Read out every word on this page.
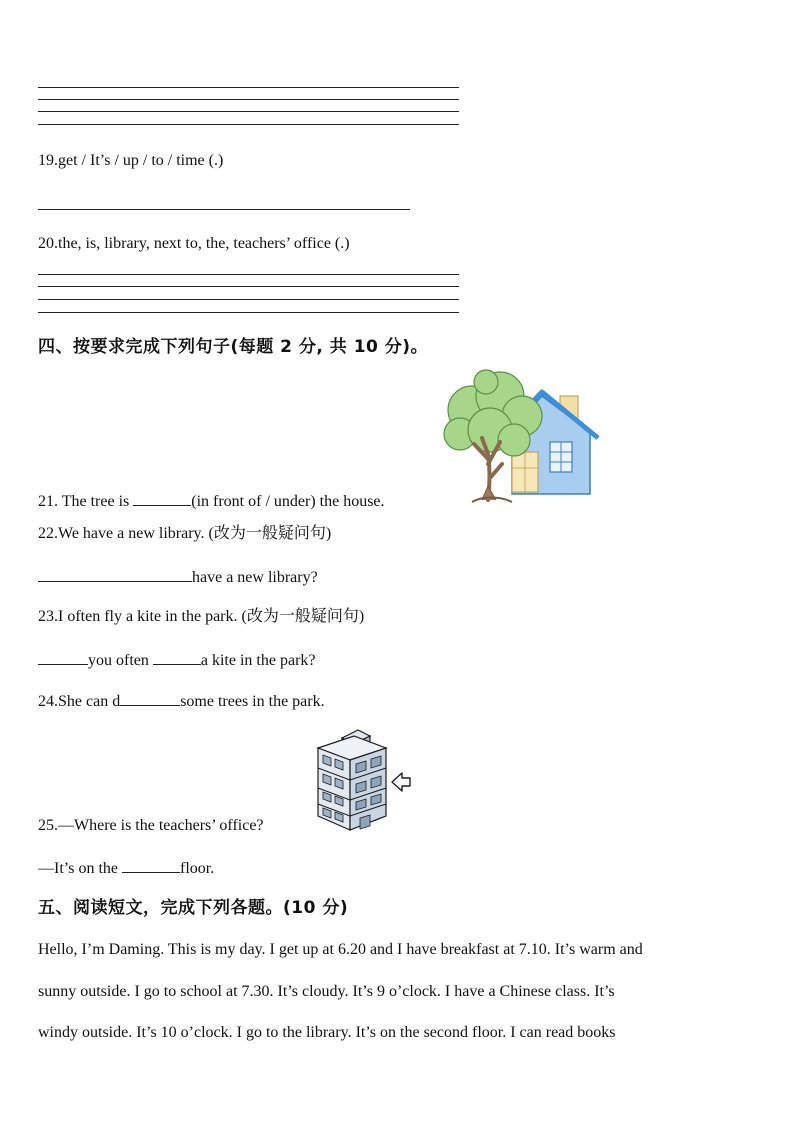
19.get / It’s / up / to / time (.)
20.the, is, library, next to, the, teachers’ office (.)
四、按要求完成下列句子(每题 2 分, 共 10 分)。
21. The tree is	(in front of / under) the house.
22.We have a new library. (改为一般疑问句)
have a new library?
23.I often fly a kite in the park. (改为一般疑问句)
you often	a kite in the park?
24.She can d	some trees in the park.
25.—Where is the teachers’ office?
—It’s on the	floor.
五、阅读短文，完成下列各题。(10 分)
Hello, I’m Daming. This is my day. I get up at 6.20 and I have breakfast at 7.10. It’s warm and
sunny outside. I go to school at 7.30. It’s cloudy. It’s 9 o’clock. I have a Chinese class. It’s
windy outside. It’s 10 o’clock. I go to the library. It’s on the second floor. I can read books
